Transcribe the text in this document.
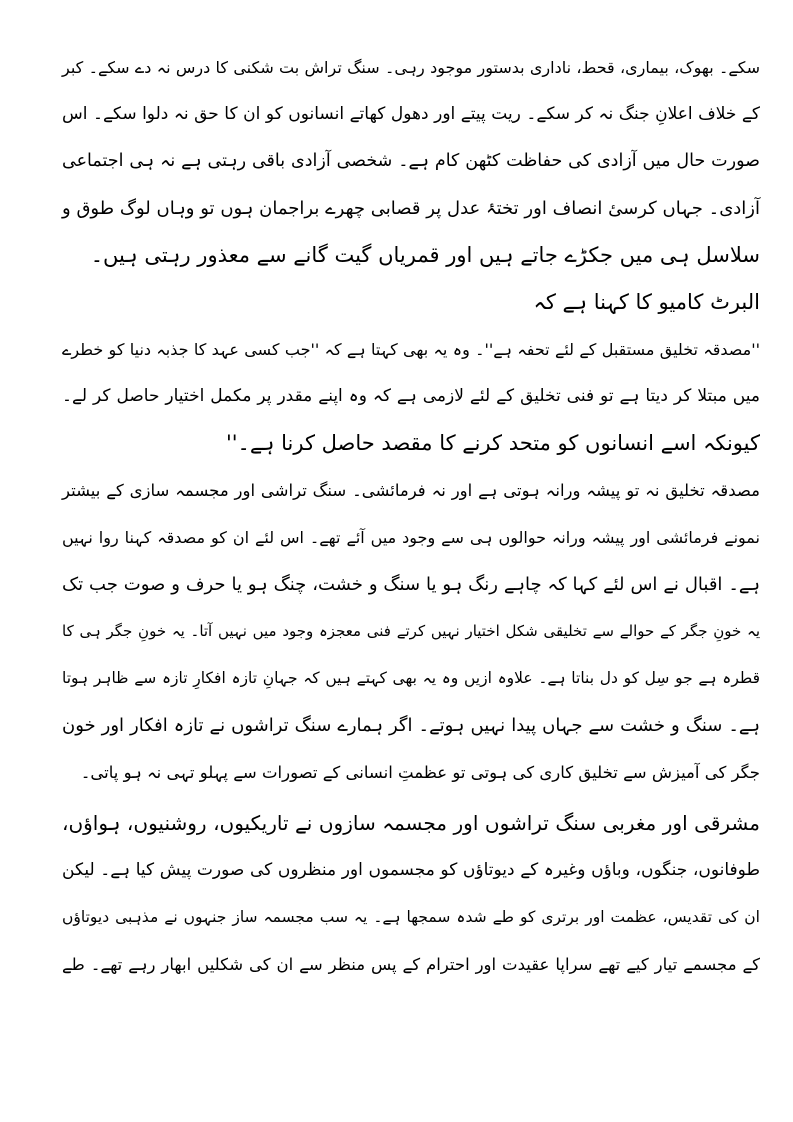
سکے۔ بھوک، بیماری، قحط، ناداری بدستور موجود رہی۔ سنگ تراش بت شکنی کا درس نہ دے سکے۔ کبر
کے خلاف اعلانِ جنگ نہ کر سکے۔ ریت پیتے اور دھول کھاتے انسانوں کو ان کا حق نہ دلوا سکے۔ اس
صورت حال میں آزادی کی حفاظت کٹھن کام ہے۔ شخصی آزادی باقی رہتی ہے نہ ہی اجتماعی
آزادی۔ جہاں کرسیٔ انصاف اور تختۂ عدل پر قصابی چھرے براجمان ہوں تو وہاں لوگ طوق و
سلاسل ہی میں جکڑے جاتے ہیں اور قمریاں گیت گانے سے معذور رہتی ہیں۔
البرٹ کامیو کا کہنا ہے کہ
''مصدقہ تخلیق مستقبل کے لئے تحفہ ہے''۔ وہ یہ بھی کہتا ہے کہ ''جب کسی عہد کا جذبہ دنیا کو خطرے
میں مبتلا کر دیتا ہے تو فنی تخلیق کے لئے لازمی ہے کہ وہ اپنے مقدر پر مکمل اختیار حاصل کر لے۔
کیونکہ اسے انسانوں کو متحد کرنے کا مقصد حاصل کرنا ہے۔''
مصدقہ تخلیق نہ تو پیشہ ورانہ ہوتی ہے اور نہ فرمائشی۔ سنگ تراشی اور مجسمہ سازی کے بیشتر
نمونے فرمائشی اور پیشہ ورانہ حوالوں ہی سے وجود میں آئے تھے۔ اس لئے ان کو مصدقہ کہنا روا نہیں
ہے۔ اقبال نے اس لئے کہا کہ چاہے رنگ ہو یا سنگ و خشت، چنگ ہو یا حرف و صوت جب تک
یہ خونِ جگر کے حوالے سے تخلیقی شکل اختیار نہیں کرتے فنی معجزہ وجود میں نہیں آتا۔ یہ خونِ جگر ہی کا
قطرہ ہے جو سِل کو دل بناتا ہے۔ علاوہ ازیں وہ یہ بھی کہتے ہیں کہ جہانِ تازہ افکارِ تازہ سے ظاہر ہوتا
ہے۔ سنگ و خشت سے جہاں پیدا نہیں ہوتے۔ اگر ہمارے سنگ تراشوں نے تازہ افکار اور خون
جگر کی آمیزش سے تخلیق کاری کی ہوتی تو عظمتِ انسانی کے تصورات سے پہلو تہی نہ ہو پاتی۔
مشرقی اور مغربی سنگ تراشوں اور مجسمہ سازوں نے تاریکیوں، روشنیوں، ہواؤں،
طوفانوں، جنگوں، وباؤں وغیرہ کے دیوتاؤں کو مجسموں اور منظروں کی صورت پیش کیا ہے۔ لیکن
ان کی تقدیس، عظمت اور برتری کو طے شدہ سمجھا ہے۔ یہ سب مجسمہ ساز جنہوں نے مذہبی دیوتاؤں
کے مجسمے تیار کیے تھے سراپا عقیدت اور احترام کے پس منظر سے ان کی شکلیں ابھار رہے تھے۔ طے
